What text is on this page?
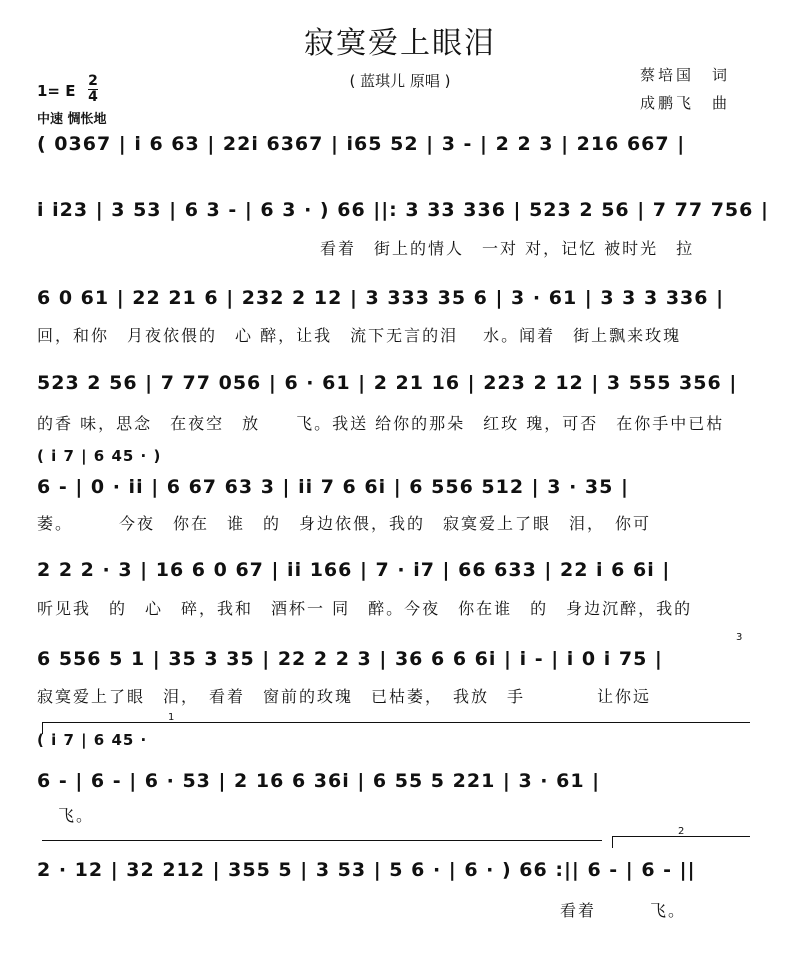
寂寞爱上眼泪
( 蓝琪儿 原唱 )	蔡培国　词
成鹏飞　曲
1= E
2
4
中速 惆怅地
( 0367 | i 6 63 | 22i 6367 | i65 52 | 3 - | 2 2 3 | 216 667 |
i i23 | 3 53 | 6 3 - | 6 3 · ) 66 ||: 3 33 336 | 523 2 56 | 7 77 756 |
看着　街上的情人　一对 对，记忆 被时光　拉
6 0 61 | 22 21 6 | 232 2 12 | 3 333 35 6 | 3 · 61 | 3 3 3 336 |
回，和你　月夜依偎的　心 醉，让我　流下无言的泪　 水。闻着　街上飘来玫瑰
523 2 56 | 7 77 056 | 6 · 61 | 2 21 16 | 223 2 12 | 3 555 356 |
的香 味，思念　在夜空　放　　飞。我送 给你的那朵　红玫 瑰，可否　在你手中已枯
( i 7 | 6 45 · )
6 - | 0 · ii | 6 67 63 3 | ii 7 6 6i | 6 556 512 | 3 · 35 |
萎。　　　今夜　你在　谁　的　身边依偎，我的　寂寞爱上了眼　泪，　你可
2 2 2 · 3 | 16 6 0 67 | ii 166 | 7 · i7 | 66 633 | 22 i 6 6i |
听见我　的　心　碎，我和　酒杯一 同　醉。今夜　你在谁　的　身边沉醉，我的
6 556 5 1 | 35 3 35 | 22 2 2 3 | 36 6 6 6i | i - | i 0 i 75 |
寂寞爱上了眼　泪，　看着　窗前的玫瑰　已枯萎，　我放　手　　　　让你远
3
1
( i 7 | 6 45 ·
6 - | 6 - | 6 · 53 | 2 16 6 36i | 6 55 5 221 | 3 · 61 |
飞。
2
2 · 12 | 32 212 | 355 5 | 3 53 | 5 6 · | 6 · ) 66 :|| 6 - | 6 - ||
看着　　　飞。
